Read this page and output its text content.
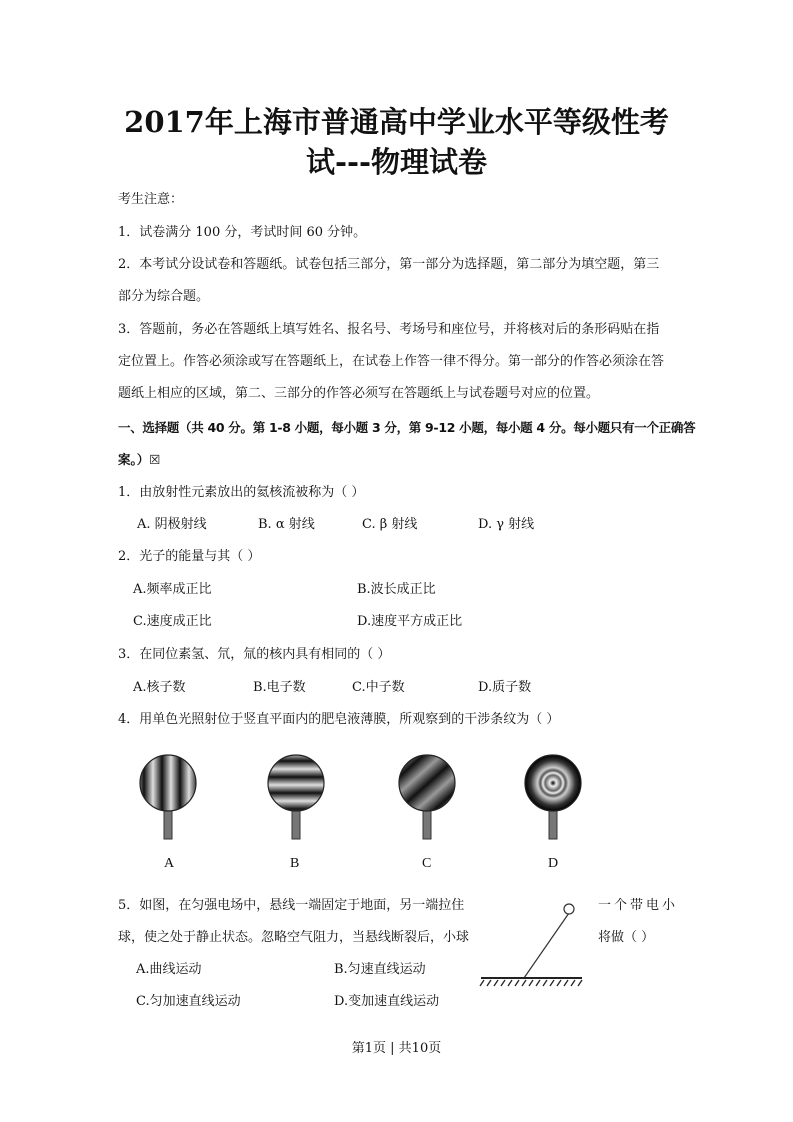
2017年上海市普通高中学业水平等级性考
试---物理试卷
考生注意：
1．试卷满分 100 分，考试时间 60 分钟。
2．本考试分设试卷和答题纸。试卷包括三部分，第一部分为选择题，第二部分为填空题，第三
部分为综合题。
3．答题前，务必在答题纸上填写姓名、报名号、考场号和座位号，并将核对后的条形码贴在指
定位置上。作答必须涂或写在答题纸上，在试卷上作答一律不得分。第一部分的作答必须涂在答
题纸上相应的区域，第二、三部分的作答必须写在答题纸上与试卷题号对应的位置。
一、选择题（共 40 分。第 1-8 小题，每小题 3 分，第 9-12 小题，每小题 4 分。每小题只有一个正确答
案。）☒
1．由放射性元素放出的氦核流被称为（ ）
A. 阴极射线	B. α 射线	C. β 射线	D. γ 射线
2．光子的能量与其（ ）
A.频率成正比	B.波长成正比
C.速度成正比	D.速度平方成正比
3．在同位素氢、氘，氚的核内具有相同的（ ）
A.核子数	B.电子数	C.中子数	D.质子数
4．用单色光照射位于竖直平面内的肥皂液薄膜，所观察到的干涉条纹为（ ）
A	B	C	D
5．如图，在匀强电场中，悬线一端固定于地面，另一端拉住	一个带电小
球，使之处于静止状态。忽略空气阻力，当悬线断裂后，小球	将做（ ）
A.曲线运动	B.匀速直线运动
C.匀加速直线运动	D.变加速直线运动
第1页 | 共10页
